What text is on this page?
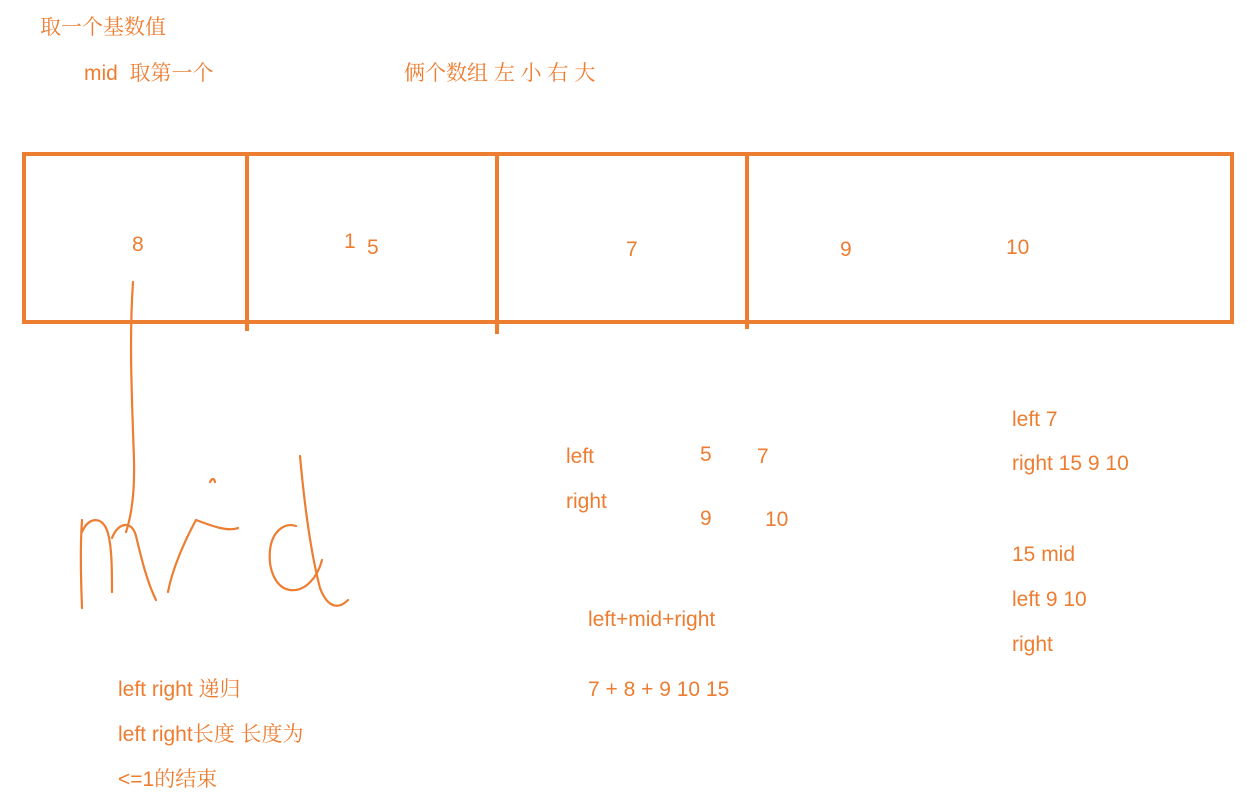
取一个基数值
mid  取第一个	俩个数组 左 小 右 大
8	1 5	7	9	10
left
right
5 7
9	10
left+mid+right
7 + 8 + 9 10 15
left 7
right 15 9 10
15 mid
left 9 10
right
left right 递归
left right长度 长度为
<=1的结束
